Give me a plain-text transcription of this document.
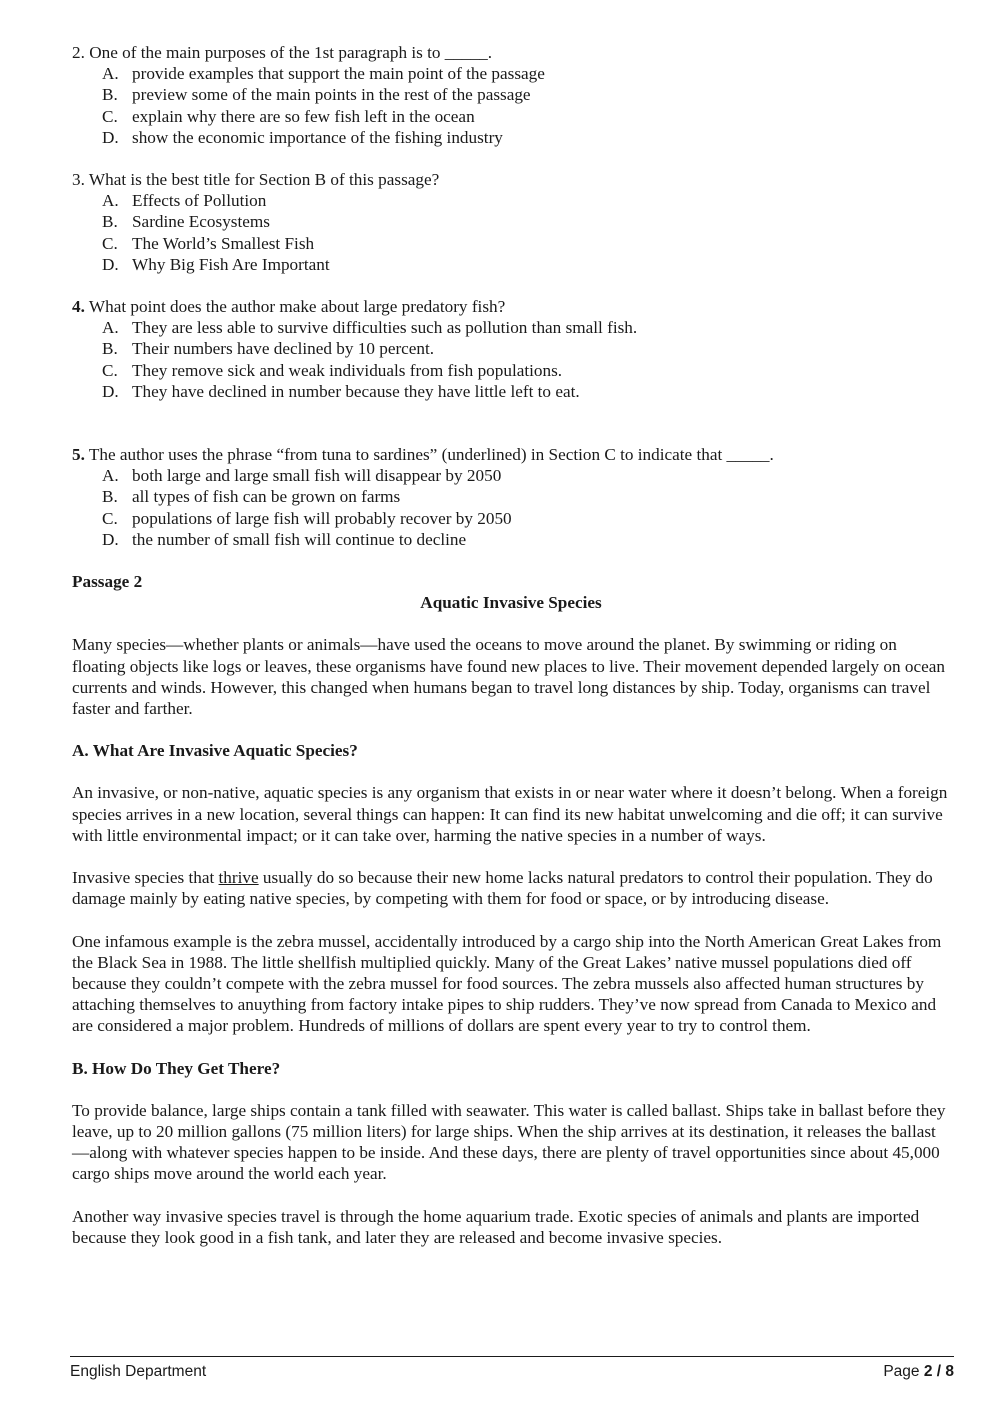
2. One of the main purposes of the 1st paragraph is to _____.

A. provide examples that support the main point of the passage
B. preview some of the main points in the rest of the passage
C. explain why there are so few fish left in the ocean
D. show the economic importance of the fishing industry

3. What is the best title for Section B of this passage?

A. Effects of Pollution
B. Sardine Ecosystems
C. The World’s Smallest Fish
D. Why Big Fish Are Important

4. What point does the author make about large predatory fish?

A. They are less able to survive difficulties such as pollution than small fish.
B. Their numbers have declined by 10 percent.
C. They remove sick and weak individuals from fish populations.
D. They have declined in number because they have little left to eat.

5. The author uses the phrase “from tuna to sardines” (underlined) in Section C to indicate that _____.

A. both large and large small fish will disappear by 2050
B. all types of fish can be grown on farms
C. populations of large fish will probably recover by 2050
D. the number of small fish will continue to decline

Passage 2

Aquatic Invasive Species

Many species—whether plants or animals—have used the oceans to move around the planet. By swimming or riding on floating objects like logs or leaves, these organisms have found new places to live. Their movement depended largely on ocean currents and winds. However, this changed when humans began to travel long distances by ship. Today, organisms can travel faster and farther.

A. What Are Invasive Aquatic Species?

An invasive, or non-native, aquatic species is any organism that exists in or near water where it doesn’t belong. When a foreign species arrives in a new location, several things can happen: It can find its new habitat unwelcoming and die off; it can survive with little environmental impact; or it can take over, harming the native species in a number of ways.

Invasive species that thrive usually do so because their new home lacks natural predators to control their population. They do damage mainly by eating native species, by competing with them for food or space, or by introducing disease.

One infamous example is the zebra mussel, accidentally introduced by a cargo ship into the North American Great Lakes from the Black Sea in 1988. The little shellfish multiplied quickly. Many of the Great Lakes’ native mussel populations died off because they couldn’t compete with the zebra mussel for food sources. The zebra mussels also affected human structures by attaching themselves to anuything from factory intake pipes to ship rudders. They’ve now spread from Canada to Mexico and are considered a major problem. Hundreds of millions of dollars are spent every year to try to control them.

B. How Do They Get There?

To provide balance, large ships contain a tank filled with seawater. This water is called ballast. Ships take in ballast before they leave, up to 20 million gallons (75 million liters) for large ships. When the ship arrives at its destination, it releases the ballast—along with whatever species happen to be inside. And these days, there are plenty of travel opportunities since about 45,000 cargo ships move around the world each year.

Another way invasive species travel is through the home aquarium trade. Exotic species of animals and plants are imported because they look good in a fish tank, and later they are released and become invasive species.

English Department	Page 2 / 8
